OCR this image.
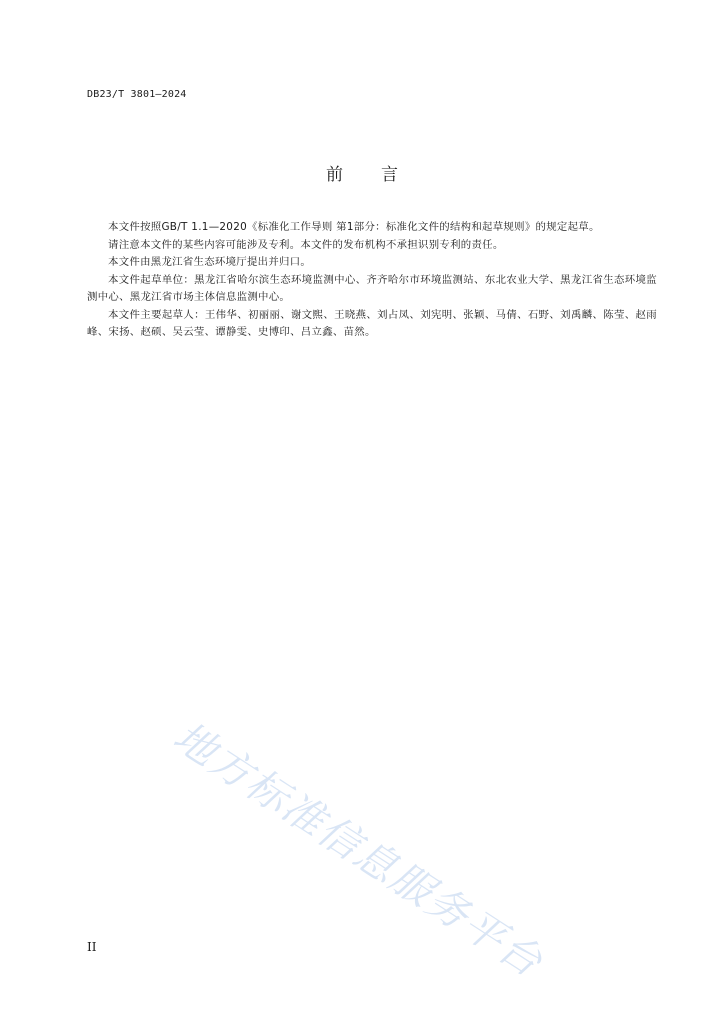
DB23/T 3801—2024
前言

本文件按照GB/T 1.1—2020《标准化工作导则 第1部分：标准化文件的结构和起草规则》的规定起草。

请注意本文件的某些内容可能涉及专利。本文件的发布机构不承担识别专利的责任。

本文件由黑龙江省生态环境厅提出并归口。

本文件起草单位：黑龙江省哈尔滨生态环境监测中心、齐齐哈尔市环境监测站、东北农业大学、黑龙江省生态环境监测中心、黑龙江省市场主体信息监测中心。

本文件主要起草人：王伟华、初丽丽、谢文熙、王晓燕、刘占凤、刘宪明、张颖、马倩、石野、刘禹麟、陈莹、赵雨峰、宋扬、赵硕、吴云莹、谭静雯、史博印、吕立鑫、苗然。

地方标准信息服务平台
II
